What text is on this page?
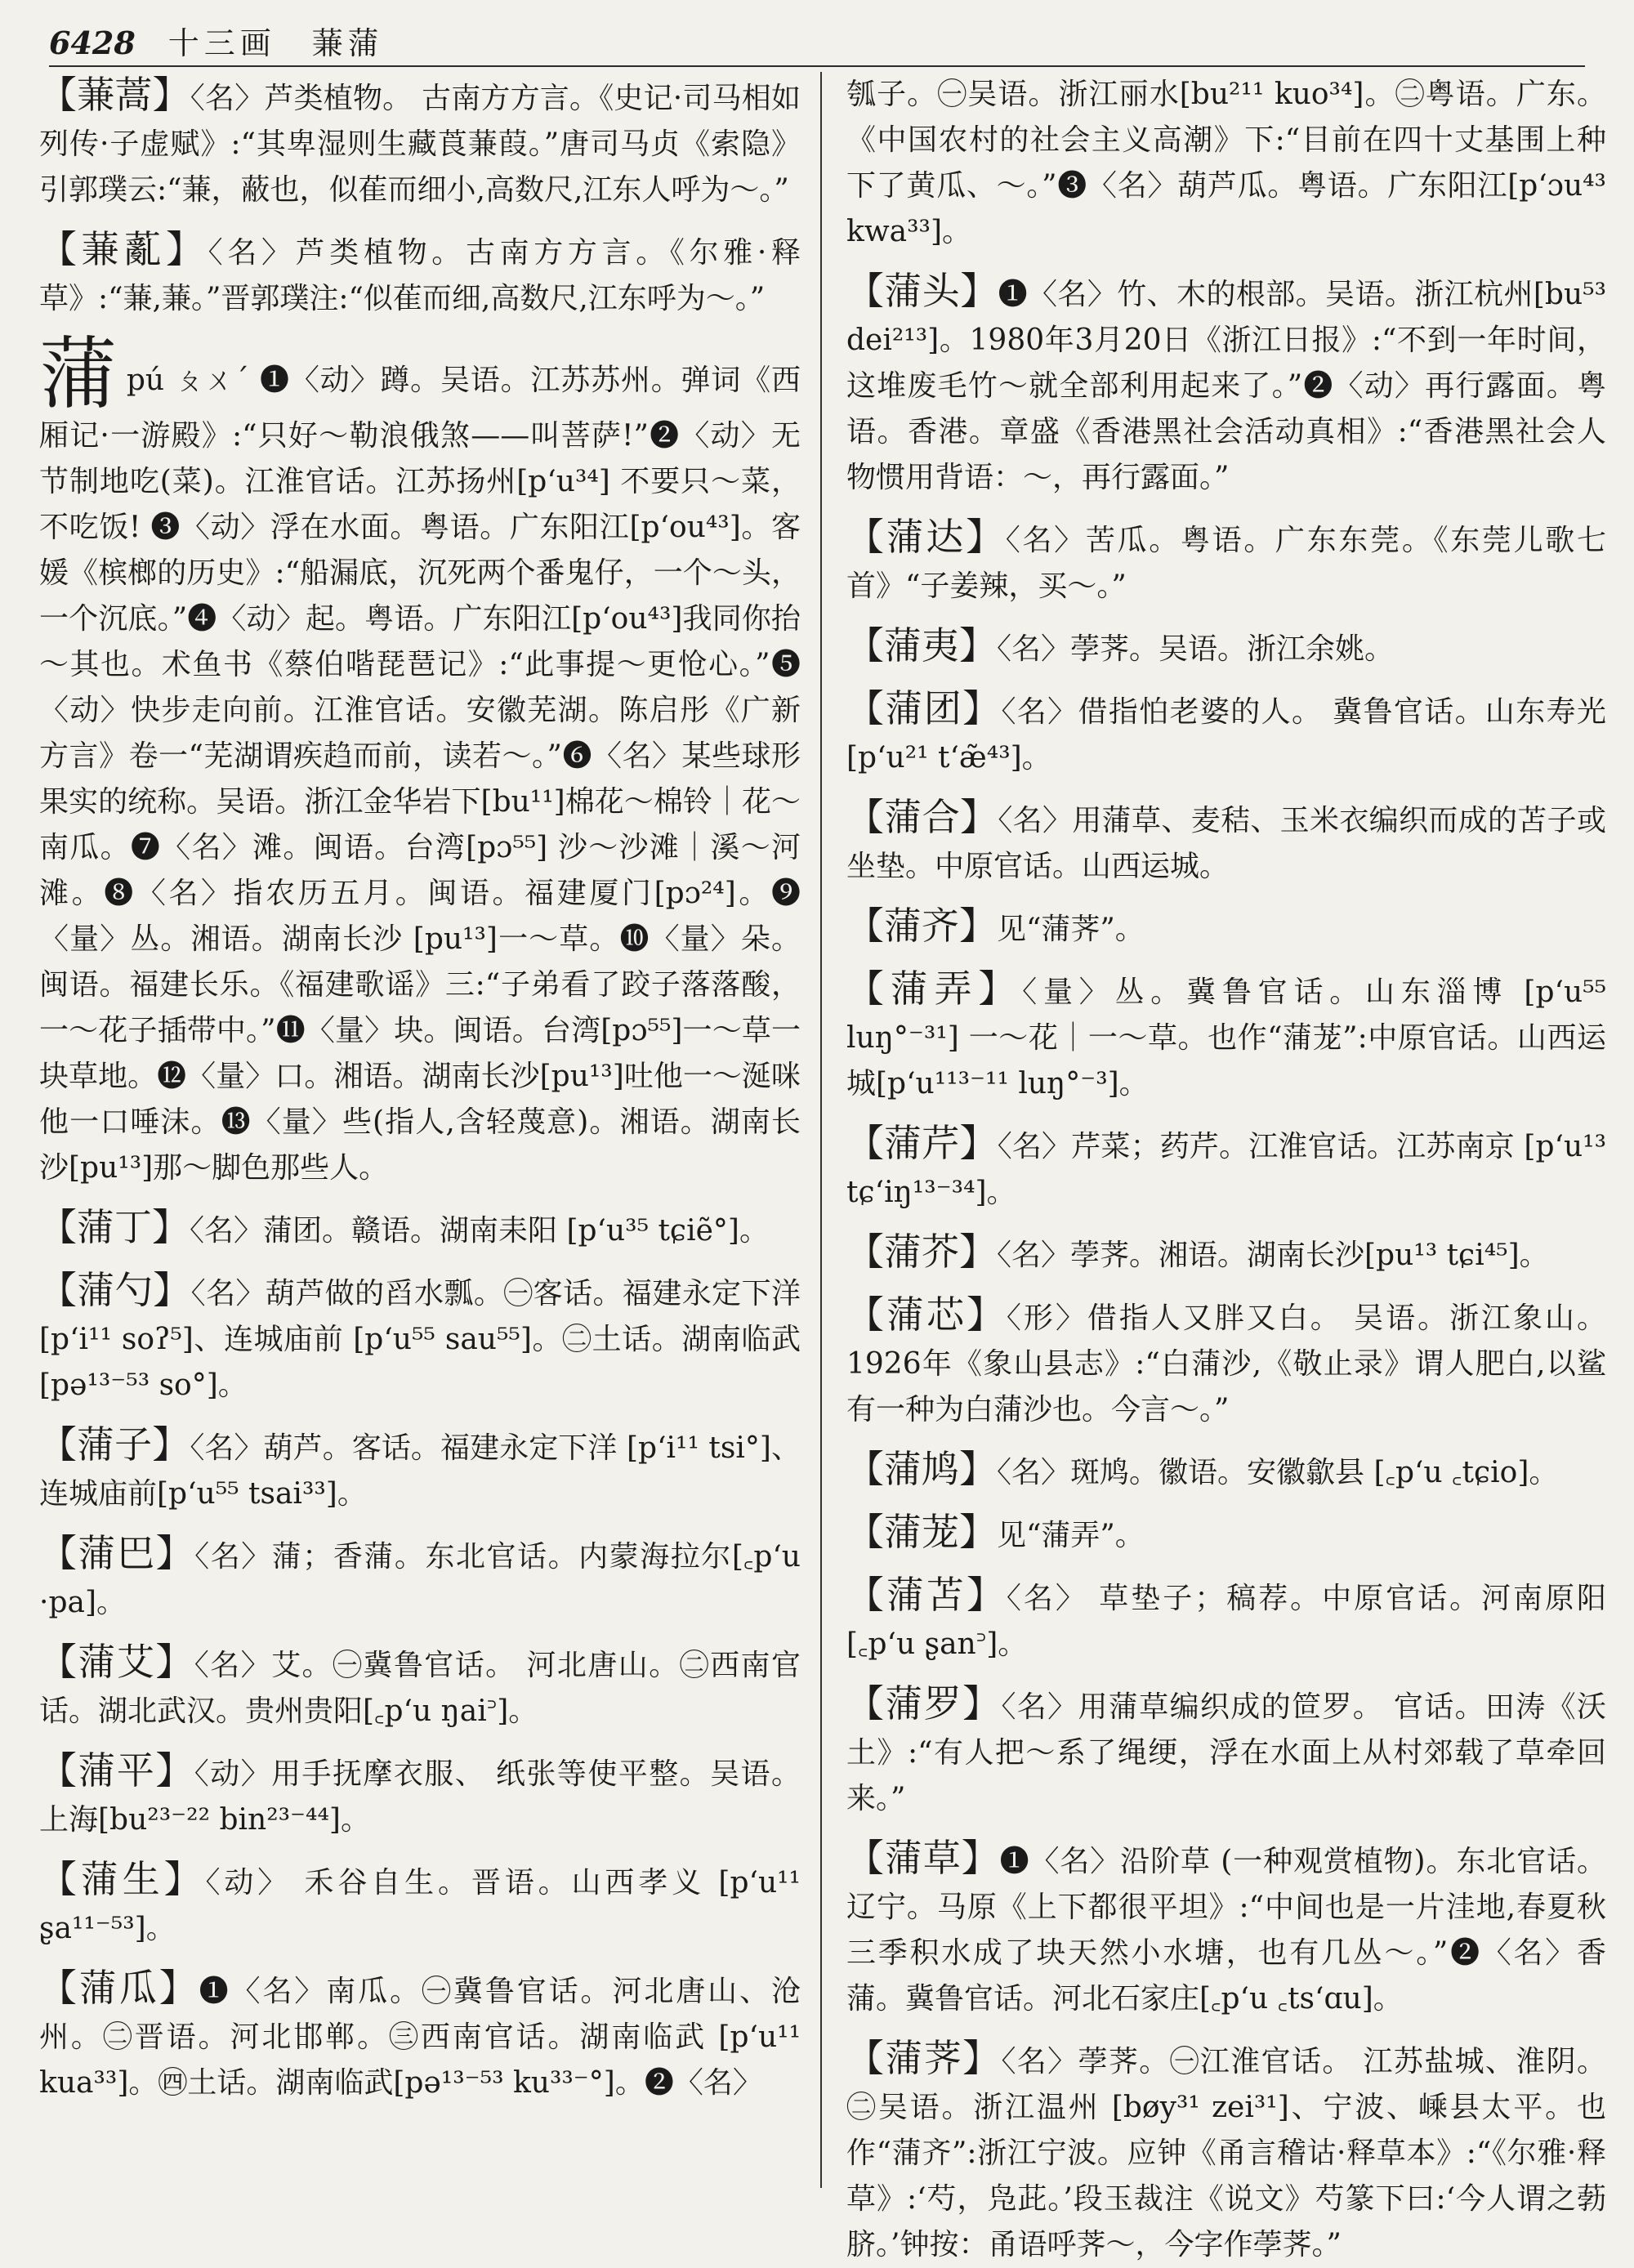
6428 十三画　蒹蒲

【蒹蒿】〈名〉芦类植物。 古南方方言。《史记·司马相如列传·子虚赋》:“其卑湿则生藏莨蒹葭。”唐司马贞《索隐》引郭璞云:“蒹，蔽也，似萑而细小,高数尺,江东人呼为～。”

【蒹薍】〈名〉芦类植物。古南方方言。《尔雅·释草》:“蒹,蒹。”晋郭璞注:“似萑而细,高数尺,江东呼为～。”

蒲pú ㄆㄨˊ ❶〈动〉蹲。吴语。江苏苏州。弹词《西厢记·一游殿》:“只好～勒浪俄煞——叫菩萨!”❷〈动〉无节制地吃(菜)。江淮官话。江苏扬州[p‘u³⁴] 不要只～菜，不吃饭! ❸〈动〉浮在水面。粤语。广东阳江[p‘ou⁴³]。客媛《槟榔的历史》:“船漏底，沉死两个番鬼仔，一个～头，一个沉底。”❹〈动〉起。粤语。广东阳江[p‘ou⁴³]我同你抬～其也。术鱼书《蔡伯喈琵琶记》:“此事提～更怆心。”❺〈动〉快步走向前。江淮官话。安徽芜湖。陈启彤《广新方言》卷一“芜湖谓疾趋而前，读若～。”❻〈名〉某些球形果实的统称。吴语。浙江金华岩下[bu¹¹]棉花～棉铃｜花～南瓜。❼〈名〉滩。闽语。台湾[pɔ⁵⁵] 沙～沙滩｜溪～河滩。❽〈名〉指农历五月。闽语。福建厦门[pɔ²⁴]。❾〈量〉丛。湘语。湖南长沙 [pu¹³]一～草。❿〈量〉朵。闽语。福建长乐。《福建歌谣》三:“子弟看了跤子落落酸，一～花子插带中。”⓫〈量〉块。闽语。台湾[pɔ⁵⁵]一～草一块草地。⓬〈量〉口。湘语。湖南长沙[pu¹³]吐他一～涎咪他一口唾沫。⓭〈量〉些(指人,含轻蔑意)。湘语。湖南长沙[pu¹³]那～脚色那些人。

【蒲丁】〈名〉蒲团。赣语。湖南耒阳 [p‘u³⁵ tɕiẽ°]。

【蒲勺】〈名〉葫芦做的舀水瓢。㊀客话。福建永定下洋[p‘i¹¹ soʔ⁵]、连城庙前 [p‘u⁵⁵ sau⁵⁵]。㊁土话。湖南临武[pə¹³⁻⁵³ so°]。

【蒲子】〈名〉葫芦。客话。福建永定下洋 [p‘i¹¹ tsi°]、连城庙前[p‘u⁵⁵ tsai³³]。

【蒲巴】〈名〉蒲；香蒲。东北官话。内蒙海拉尔[꜀p‘u ·pa]。

【蒲艾】〈名〉艾。㊀冀鲁官话。 河北唐山。㊁西南官话。湖北武汉。贵州贵阳[꜀p‘u ŋai꜄]。

【蒲平】〈动〉用手抚摩衣服、 纸张等使平整。吴语。上海[bu²³⁻²² bin²³⁻⁴⁴]。

【蒲生】〈动〉 禾谷自生。晋语。山西孝义 [p‘u¹¹ ʂa¹¹⁻⁵³]。

【蒲瓜】❶〈名〉南瓜。㊀冀鲁官话。河北唐山、沧州。㊁晋语。河北邯郸。㊂西南官话。湖南临武 [p‘u¹¹ kua³³]。㊃土话。湖南临武[pə¹³⁻⁵³ ku³³⁻°]。❷〈名〉

瓠子。㊀吴语。浙江丽水[bu²¹¹ kuo³⁴]。㊁粤语。广东。《中国农村的社会主义高潮》下:“目前在四十丈基围上种下了黄瓜、～。”❸〈名〉葫芦瓜。粤语。广东阳江[p‘ɔu⁴³ kwa³³]。

【蒲头】❶〈名〉竹、木的根部。吴语。浙江杭州[bu⁵³ dei²¹³]。1980年3月20日《浙江日报》:“不到一年时间，这堆废毛竹～就全部利用起来了。”❷〈动〉再行露面。粤语。香港。章盛《香港黑社会活动真相》:“香港黑社会人物惯用背语：～，再行露面。”

【蒲达】〈名〉苦瓜。粤语。广东东莞。《东莞儿歌七首》“子姜辣，买～。”

【蒲夷】〈名〉荸荠。吴语。浙江余姚。

【蒲团】〈名〉借指怕老婆的人。 冀鲁官话。山东寿光[p‘u²¹ t‘æ̃⁴³]。

【蒲合】〈名〉用蒲草、麦秸、玉米衣编织而成的苫子或坐垫。中原官话。山西运城。

【蒲齐】见“蒲荠”。

【蒲弄】〈量〉丛。冀鲁官话。山东淄博 [p‘u⁵⁵ luŋ°⁻³¹] 一～花｜一～草。也作“蒲茏”:中原官话。山西运城[p‘u¹¹³⁻¹¹ luŋ°⁻³]。

【蒲芹】〈名〉芹菜；药芹。江淮官话。江苏南京 [p‘u¹³ tɕ‘iŋ¹³⁻³⁴]。

【蒲芥】〈名〉荸荠。湘语。湖南长沙[pu¹³ tɕi⁴⁵]。

【蒲芯】〈形〉借指人又胖又白。 吴语。浙江象山。1926年《象山县志》:“白蒲沙,《敬止录》谓人肥白,以鲨有一种为白蒲沙也。今言～。”

【蒲鸠】〈名〉斑鸠。徽语。安徽歙县 [꜀p‘u ꜀tɕio]。

【蒲茏】见“蒲弄”。

【蒲苫】〈名〉 草垫子；稿荐。中原官话。河南原阳[꜀p‘u ʂan꜄]。

【蒲罗】〈名〉用蒲草编织成的笸罗。 官话。田涛《沃土》:“有人把～系了绳绠，浮在水面上从村郊载了草牵回来。”

【蒲草】❶〈名〉沿阶草 (一种观赏植物)。东北官话。辽宁。马原《上下都很平坦》:“中间也是一片洼地,春夏秋三季积水成了块天然小水塘，也有几丛～。”❷〈名〉香蒲。冀鲁官话。河北石家庄[꜀p‘u ꜀ts‘ɑu]。

【蒲荠】〈名〉荸荠。㊀江淮官话。 江苏盐城、淮阴。㊁吴语。浙江温州 [bøy³¹ zei³¹]、宁波、嵊县太平。也作“蒲齐”:浙江宁波。应钟《甬言稽诂·释草本》:“《尔雅·释草》:‘芍，凫茈。’段玉裁注《说文》芍篆下曰:‘今人谓之葧脐。’钟按：甬语呼荠～，今字作荸荠。”
